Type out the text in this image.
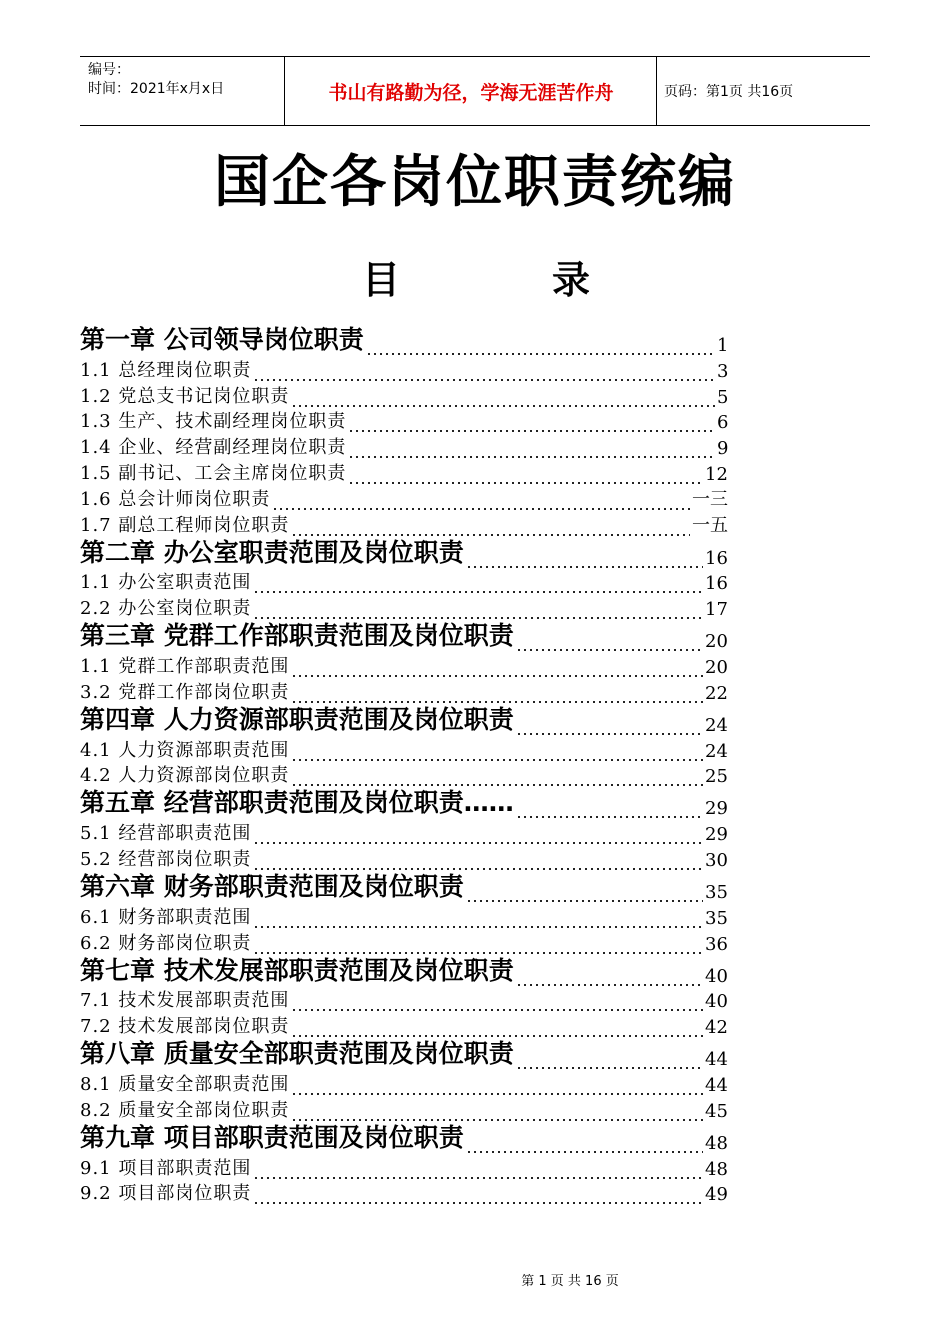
编号：
时间：2021年x月x日	书山有路勤为径，学海无涯苦作舟	页码：第1页 共16页
国企各岗位职责统编
目	录
第一章 公司领导岗位职责	1
1.1 总经理岗位职责	3
1.2 党总支书记岗位职责	5
1.3 生产、技术副经理岗位职责	6
1.4 企业、经营副经理岗位职责	9
1.5 副书记、工会主席岗位职责	12
1.6 总会计师岗位职责	一三
1.7 副总工程师岗位职责	一五
第二章 办公室职责范围及岗位职责	16
1.1 办公室职责范围	16
2.2 办公室岗位职责	17
第三章 党群工作部职责范围及岗位职责	20
1.1 党群工作部职责范围	20
3.2 党群工作部岗位职责	22
第四章 人力资源部职责范围及岗位职责	24
4.1 人力资源部职责范围	24
4.2 人力资源部岗位职责	25
第五章 经营部职责范围及岗位职责……	29
5.1 经营部职责范围	29
5.2 经营部岗位职责	30
第六章 财务部职责范围及岗位职责	35
6.1 财务部职责范围	35
6.2 财务部岗位职责	36
第七章 技术发展部职责范围及岗位职责	40
7.1 技术发展部职责范围	40
7.2 技术发展部岗位职责	42
第八章 质量安全部职责范围及岗位职责	44
8.1 质量安全部职责范围	44
8.2 质量安全部岗位职责	45
第九章 项目部职责范围及岗位职责	48
9.1 项目部职责范围	48
9.2 项目部岗位职责	49
第 1 页 共 16 页
